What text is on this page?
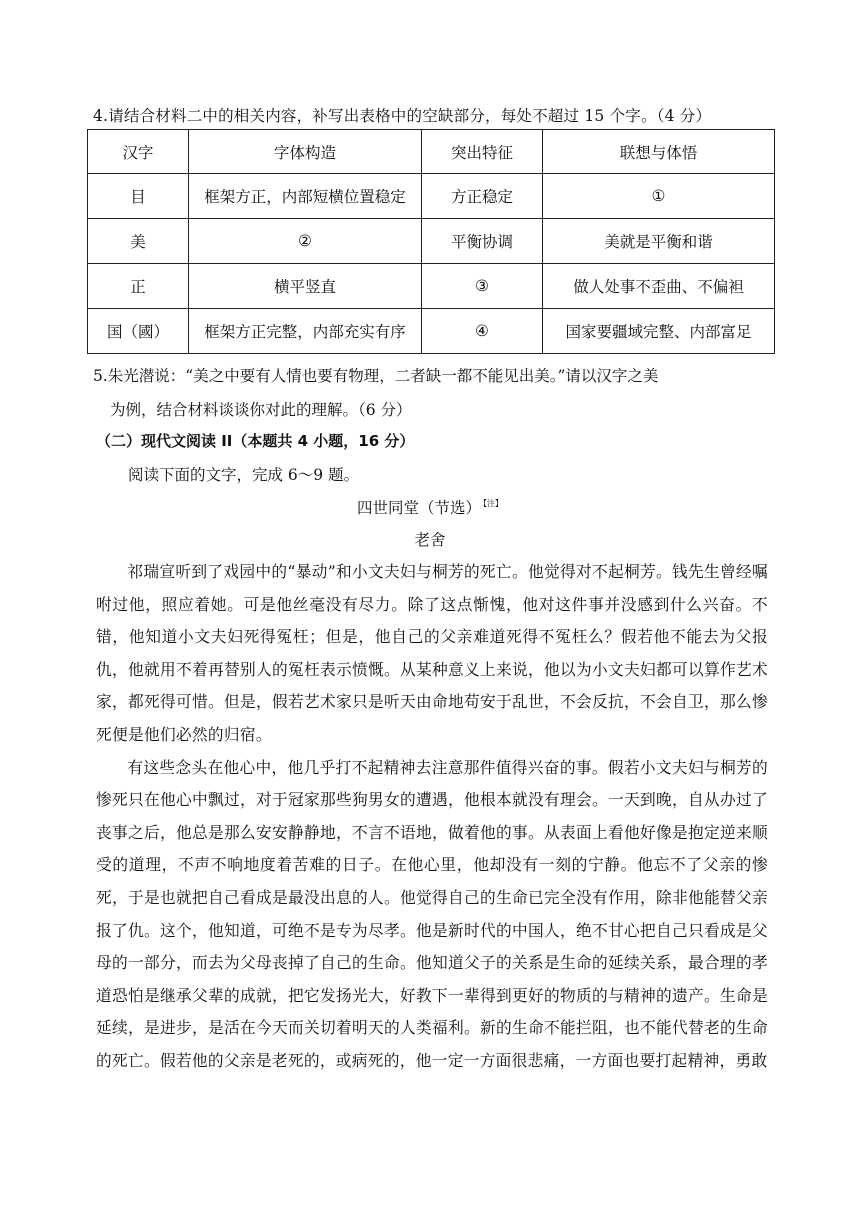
4.请结合材料二中的相关内容，补写出表格中的空缺部分，每处不超过 15 个字。（4 分）
汉字	字体构造	突出特征	联想与体悟
目	框架方正，内部短横位置稳定	方正稳定	①
美	②	平衡协调	美就是平衡和谐
正	横平竖直	③	做人处事不歪曲、不偏袒
国（國）	框架方正完整，内部充实有序	④	国家要疆域完整、内部富足
5.朱光潜说：“美之中要有人情也要有物理，二者缺一都不能见出美。”请以汉字之美
为例，结合材料谈谈你对此的理解。（6 分）
（二）现代文阅读 II（本题共 4 小题，16 分）
阅读下面的文字，完成 6～9 题。
四世同堂（节选） $^{【注】}$
老舍

祁瑞宣听到了戏园中的“暴动”和小文夫妇与桐芳的死亡。他觉得对不起桐芳。钱先生曾经嘱咐过他，照应着她。可是他丝毫没有尽力。除了这点惭愧，他对这件事并没感到什么兴奋。不错，他知道小文夫妇死得冤枉；但是，他自己的父亲难道死得不冤枉么？假若他不能去为父报仇，他就用不着再替别人的冤枉表示愤慨。从某种意义上来说，他以为小文夫妇都可以算作艺术家，都死得可惜。但是，假若艺术家只是听天由命地苟安于乱世，不会反抗，不会自卫，那么惨死便是他们必然的归宿。

有这些念头在他心中，他几乎打不起精神去注意那件值得兴奋的事。假若小文夫妇与桐芳的惨死只在他心中飘过，对于冠家那些狗男女的遭遇，他根本就没有理会。一天到晚，自从办过了丧事之后，他总是那么安安静静地，不言不语地，做着他的事。从表面上看他好像是抱定逆来顺受的道理，不声不响地度着苦难的日子。在他心里，他却没有一刻的宁静。他忘不了父亲的惨死，于是也就把自己看成是最没出息的人。他觉得自己的生命已完全没有作用，除非他能替父亲报了仇。这个，他知道，可绝不是专为尽孝。他是新时代的中国人，绝不甘心把自己只看成是父母的一部分，而去为父母丧掉了自己的生命。他知道父子的关系是生命的延续关系，最合理的孝道恐怕是继承父辈的成就，把它发扬光大，好教下一辈得到更好的物质的与精神的遗产。生命是延续，是进步，是活在今天而关切着明天的人类福利。新的生命不能拦阻，也不能代替老的生命的死亡。假若他的父亲是老死的，或病死的，他一定一方面很悲痛，一方面也要打起精神，勇敢
